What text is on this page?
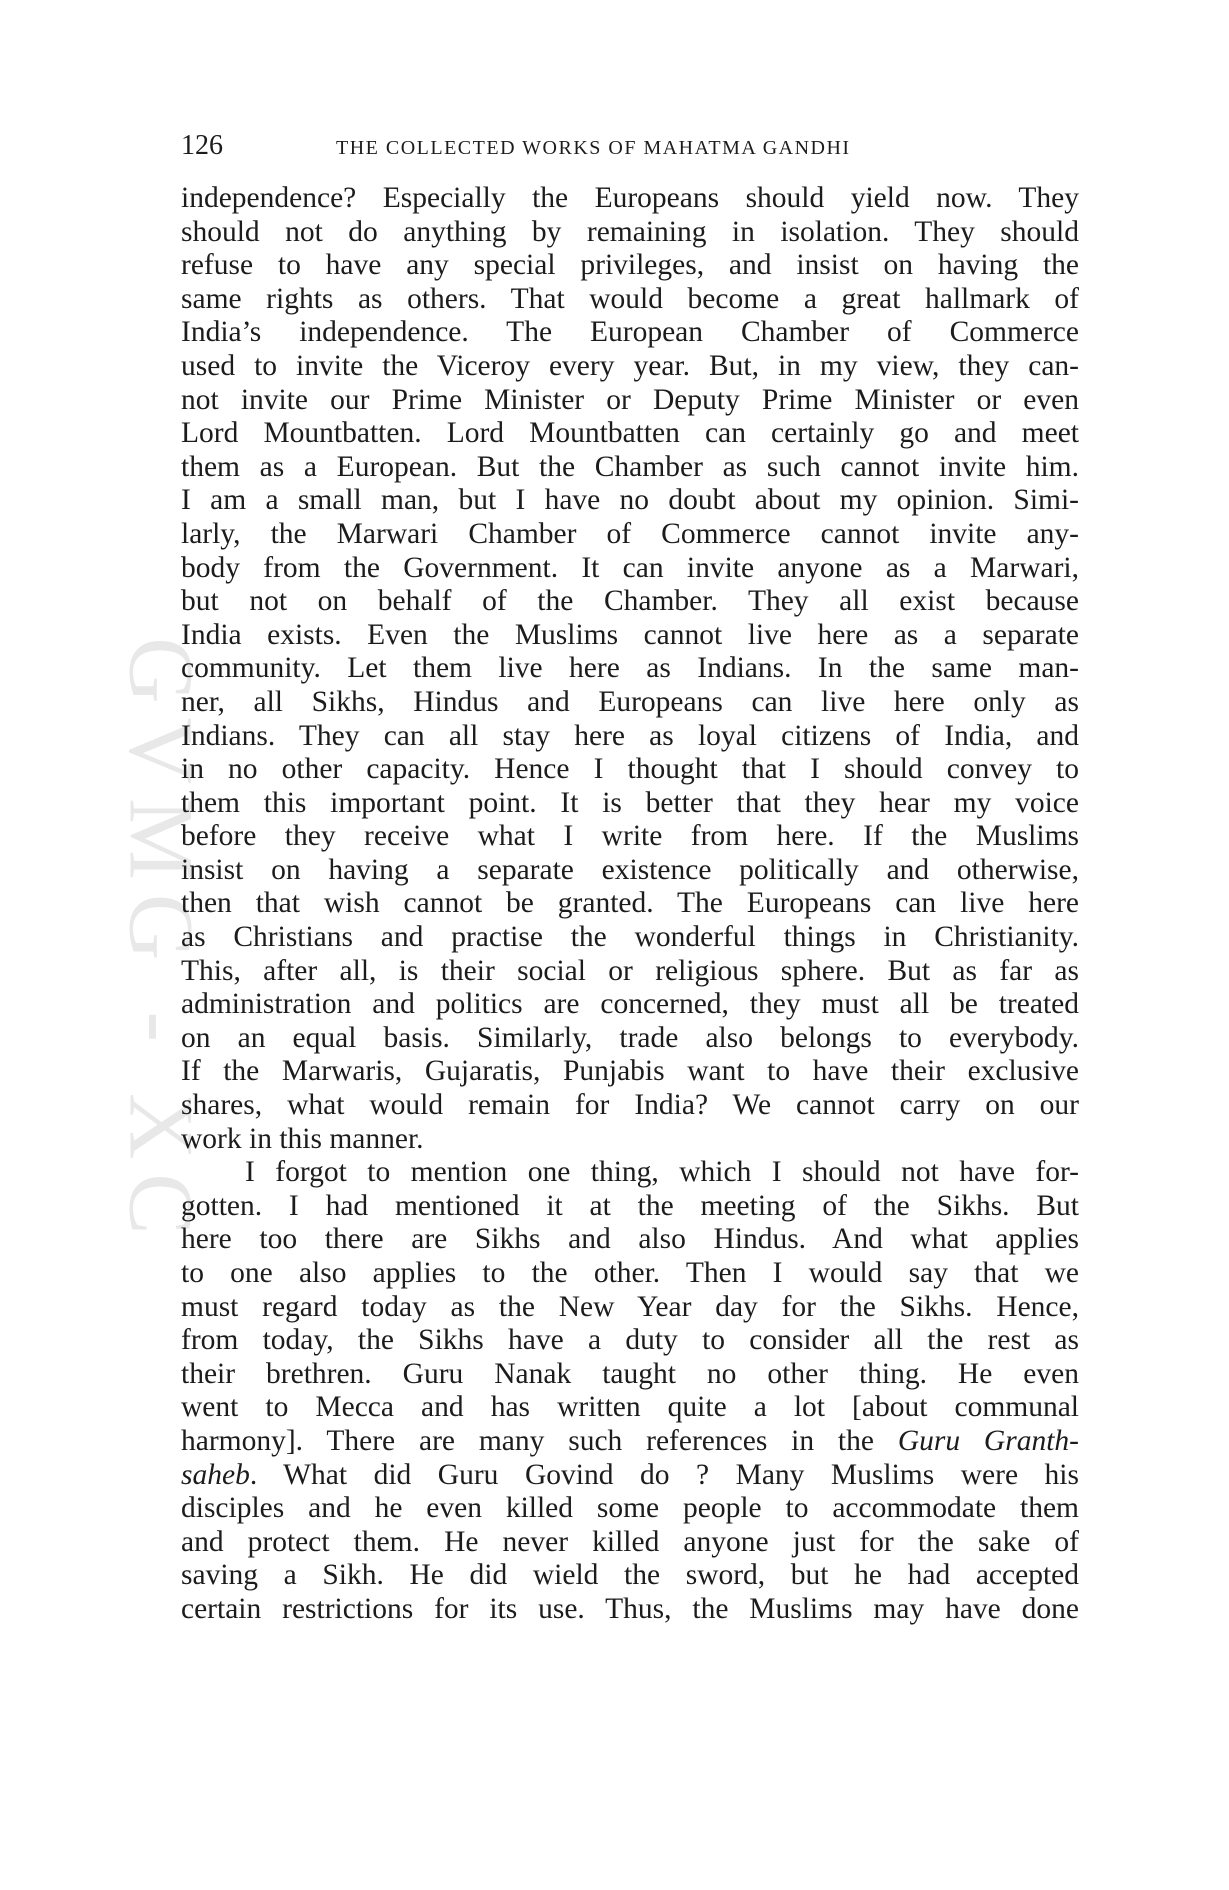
GVMG - XC
126	THE COLLECTED WORKS OF MAHATMA GANDHI
independence? Especially the Europeans should yield now. They
should not do anything by remaining in isolation. They should
refuse to have any special privileges, and insist on having the
same rights as others. That would become a great hallmark of
India’s independence. The European Chamber of Commerce
used to invite the Viceroy every year. But, in my view, they can-
not invite our Prime Minister or Deputy Prime Minister or even
Lord Mountbatten. Lord Mountbatten can certainly go and meet
them as a European. But the Chamber as such cannot invite him.
I am a small man, but I have no doubt about my opinion. Simi-
larly, the Marwari Chamber of Commerce cannot invite any-
body from the Government. It can invite anyone as a Marwari,
but not on behalf of the Chamber. They all exist because
India exists. Even the Muslims cannot live here as a separate
community. Let them live here as Indians. In the same man-
ner, all Sikhs, Hindus and Europeans can live here only as
Indians. They can all stay here as loyal citizens of India, and
in no other capacity. Hence I thought that I should convey to
them this important point. It is better that they hear my voice
before they receive what I write from here. If the Muslims
insist on having a separate existence politically and otherwise,
then that wish cannot be granted. The Europeans can live here
as Christians and practise the wonderful things in Christianity.
This, after all, is their social or religious sphere. But as far as
administration and politics are concerned, they must all be treated
on an equal basis. Similarly, trade also belongs to everybody.
If the Marwaris, Gujaratis, Punjabis want to have their exclusive
shares, what would remain for India? We cannot carry on our
work in this manner.
I forgot to mention one thing, which I should not have for-
gotten. I had mentioned it at the meeting of the Sikhs. But
here too there are Sikhs and also Hindus. And what applies
to one also applies to the other. Then I would say that we
must regard today as the New Year day for the Sikhs. Hence,
from today, the Sikhs have a duty to consider all the rest as
their brethren. Guru Nanak taught no other thing. He even
went to Mecca and has written quite a lot [about communal
harmony]. There are many such references in the Guru Granth-
saheb. What did Guru Govind do ? Many Muslims were his
disciples and he even killed some people to accommodate them
and protect them. He never killed anyone just for the sake of
saving a Sikh. He did wield the sword, but he had accepted
certain restrictions for its use. Thus, the Muslims may have done
